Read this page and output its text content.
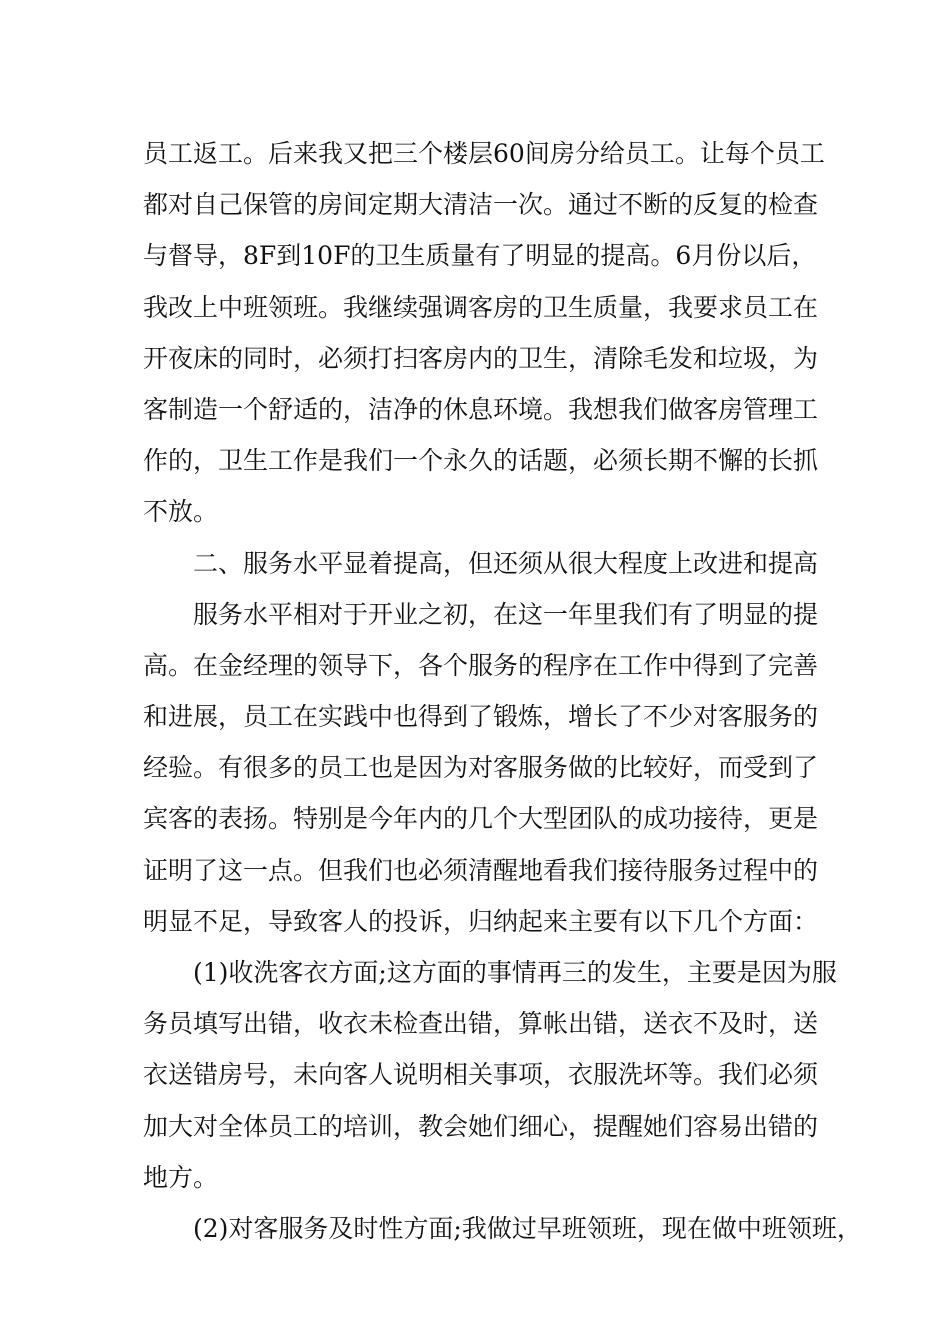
员工返工。后来我又把三个楼层60间房分给员工。让每个员工
都对自己保管的房间定期大清洁一次。通过不断的反复的检查
与督导，8F到10F的卫生质量有了明显的提高。6月份以后，
我改上中班领班。我继续强调客房的卫生质量，我要求员工在
开夜床的同时，必须打扫客房内的卫生，清除毛发和垃圾，为
客制造一个舒适的，洁净的休息环境。我想我们做客房管理工
作的，卫生工作是我们一个永久的话题，必须长期不懈的长抓
不放。
二、服务水平显着提高，但还须从很大程度上改进和提高
服务水平相对于开业之初，在这一年里我们有了明显的提
高。在金经理的领导下，各个服务的程序在工作中得到了完善
和进展，员工在实践中也得到了锻炼，增长了不少对客服务的
经验。有很多的员工也是因为对客服务做的比较好，而受到了
宾客的表扬。特别是今年内的几个大型团队的成功接待，更是
证明了这一点。但我们也必须清醒地看我们接待服务过程中的
明显不足，导致客人的投诉，归纳起来主要有以下几个方面：
(1)收洗客衣方面;这方面的事情再三的发生，主要是因为服
务员填写出错，收衣未检查出错，算帐出错，送衣不及时，送
衣送错房号，未向客人说明相关事项，衣服洗坏等。我们必须
加大对全体员工的培训，教会她们细心，提醒她们容易出错的
地方。
(2)对客服务及时性方面;我做过早班领班，现在做中班领班，
